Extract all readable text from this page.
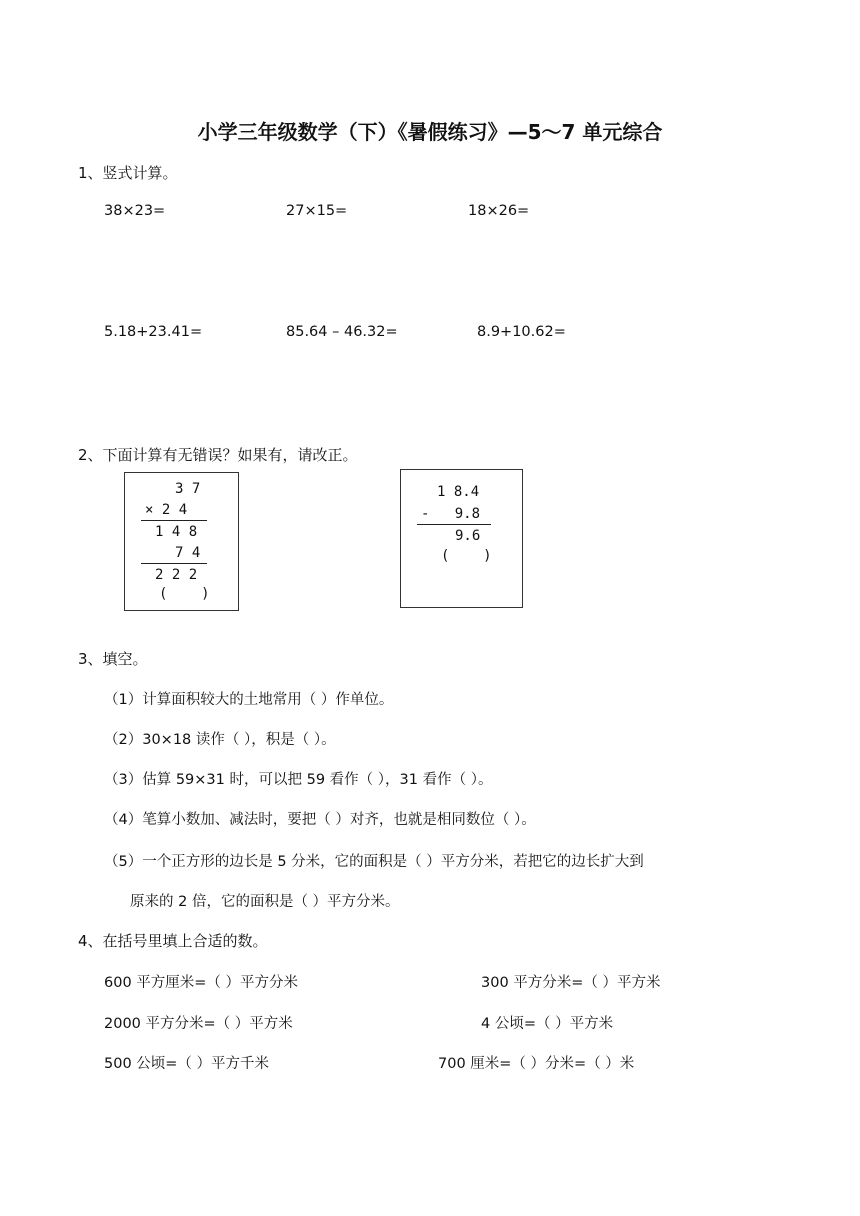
小学三年级数学（下）《暑假练习》—5～7 单元综合
1、竖式计算。
38×23=	27×15=	18×26=
5.18+23.41=	85.64 – 46.32=	8.9+10.62=
2、下面计算有无错误？如果有，请改正。
3 7
× 2 4
1 4 8
7 4
2 2 2
(    )
1 8.4
-   9.8
9.6
(    )
3、填空。
（1）计算面积较大的土地常用（ ）作单位。
（2）30×18 读作（ ），积是（ ）。
（3）估算 59×31 时，可以把 59 看作（ ），31 看作（ ）。
（4）笔算小数加、减法时，要把（ ）对齐，也就是相同数位（ ）。
（5）一个正方形的边长是 5 分米，它的面积是（ ）平方分米，若把它的边长扩大到
原来的 2 倍，它的面积是（ ）平方分米。
4、在括号里填上合适的数。
600 平方厘米=（ ）平方分米	300 平方分米=（ ）平方米
2000 平方分米=（ ）平方米	4 公顷=（ ）平方米
500 公顷=（ ）平方千米	700 厘米=（ ）分米=（ ）米
